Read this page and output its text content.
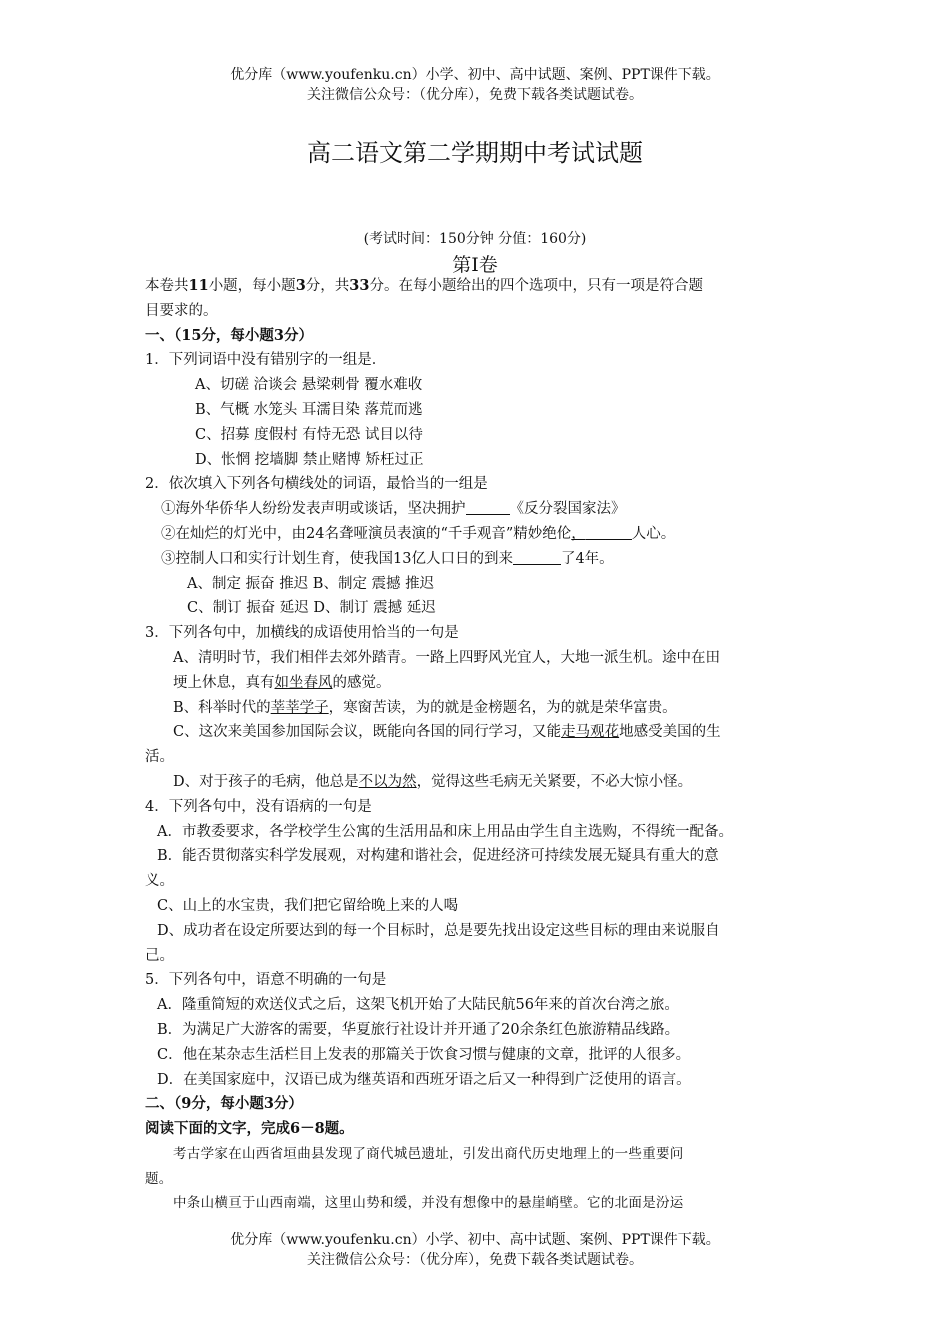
优分库（www.youfenku.cn）小学、初中、高中试题、案例、PPT课件下载。
关注微信公众号：（优分库），免费下载各类试题试卷。
高二语文第二学期期中考试试题
(考试时间：150分钟 分值：160分)
第Ⅰ卷
本卷共11小题，每小题3分，共33分。在每小题给出的四个选项中，只有一项是符合题
目要求的。
一、（15分，每小题3分）
1．下列词语中没有错别字的一组是．
A、切磋 洽谈会 悬梁刺骨 覆水难收
B、气概 水笼头 耳濡目染 落荒而逃
C、招募 度假村 有恃无恐 试目以待
D、怅惘 挖墙脚 禁止赌博 矫枉过正
2．依次填入下列各句横线处的词语，最恰当的一组是
①海外华侨华人纷纷发表声明或谈话，坚决拥护	《反分裂国家法》
②在灿烂的灯光中，由24名聋哑演员表演的“千手观音”精妙绝伦，	人心。
③控制人口和实行计划生育，使我国13亿人口日的到来	了4年。
A、制定 振奋 推迟 B、制定 震撼 推迟
C、制订 振奋 延迟 D、制订 震撼 延迟
3．下列各句中，加横线的成语使用恰当的一句是
A、清明时节，我们相伴去郊外踏青。一路上四野风光宜人，大地一派生机。途中在田
埂上休息，真有如坐春风的感觉。
B、科举时代的莘莘学子，寒窗苦读，为的就是金榜题名，为的就是荣华富贵。
C、这次来美国参加国际会议，既能向各国的同行学习，又能走马观花地感受美国的生
活。
D、对于孩子的毛病，他总是不以为然，觉得这些毛病无关紧要，不必大惊小怪。
4．下列各句中，没有语病的一句是
A．市教委要求，各学校学生公寓的生活用品和床上用品由学生自主选购，不得统一配备。
B．能否贯彻落实科学发展观，对构建和谐社会，促进经济可持续发展无疑具有重大的意
义。
C、山上的水宝贵，我们把它留给晚上来的人喝
D、成功者在设定所要达到的每一个目标时，总是要先找出设定这些目标的理由来说服自
己。
5．下列各句中，语意不明确的一句是
A．隆重简短的欢送仪式之后，这架飞机开始了大陆民航56年来的首次台湾之旅。
B．为满足广大游客的需要，华夏旅行社设计并开通了20余条红色旅游精品线路。
C．他在某杂志生活栏目上发表的那篇关于饮食习惯与健康的文章，批评的人很多。
D．在美国家庭中，汉语已成为继英语和西班牙语之后又一种得到广泛使用的语言。
二、（9分，每小题3分）
阅读下面的文字，完成6－8题。
考古学家在山西省垣曲县发现了商代城邑遗址，引发出商代历史地理上的一些重要问
题。
中条山横亘于山西南端，这里山势和缓，并没有想像中的悬崖峭壁。它的北面是汾运
优分库（www.youfenku.cn）小学、初中、高中试题、案例、PPT课件下载。
关注微信公众号：（优分库），免费下载各类试题试卷。
